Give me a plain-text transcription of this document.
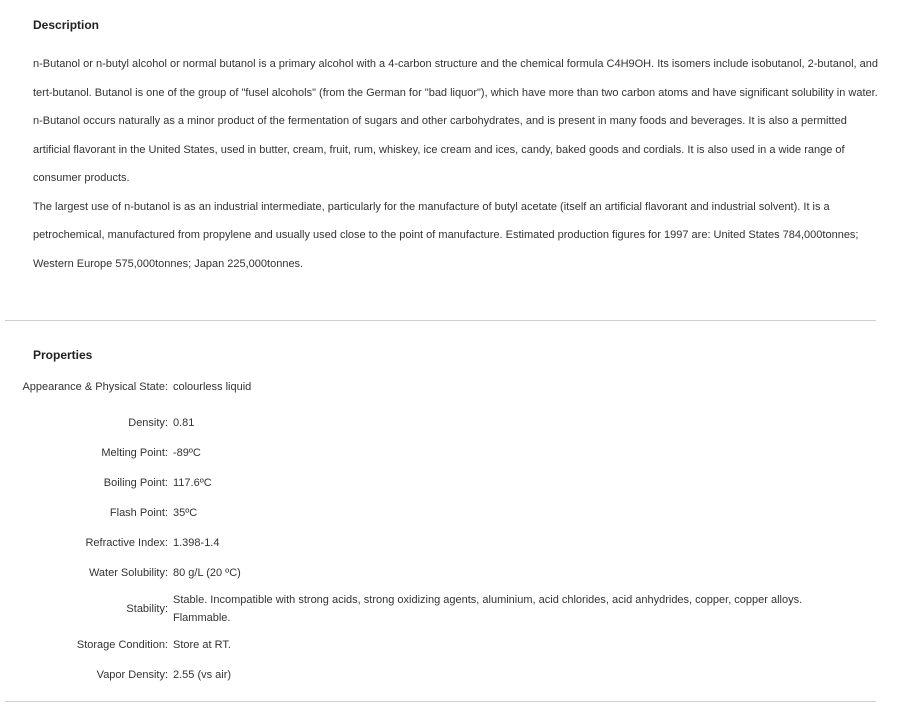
Description

n-Butanol or n-butyl alcohol or normal butanol is a primary alcohol with a 4-carbon structure and the chemical formula C4H9OH. Its isomers include isobutanol, 2-butanol, and tert-butanol. Butanol is one of the group of "fusel alcohols" (from the German for "bad liquor"), which have more than two carbon atoms and have significant solubility in water.

n-Butanol occurs naturally as a minor product of the fermentation of sugars and other carbohydrates, and is present in many foods and beverages. It is also a permitted artificial flavorant in the United States, used in butter, cream, fruit, rum, whiskey, ice cream and ices, candy, baked goods and cordials. It is also used in a wide range of consumer products.

The largest use of n-butanol is as an industrial intermediate, particularly for the manufacture of butyl acetate (itself an artificial flavorant and industrial solvent). It is a petrochemical, manufactured from propylene and usually used close to the point of manufacture. Estimated production figures for 1997 are: United States 784,000tonnes; Western Europe 575,000tonnes; Japan 225,000tonnes.

Properties
Appearance & Physical State:	colourless liquid
Density:	0.81
Melting Point:	-89ºC
Boiling Point:	117.6ºC
Flash Point:	35ºC
Refractive Index:	1.398-1.4
Water Solubility:	80 g/L (20 ºC)
Stability:	Stable. Incompatible with strong acids, strong oxidizing agents, aluminium, acid chlorides, acid anhydrides, copper, copper alloys. Flammable.
Storage Condition:	Store at RT.
Vapor Density:	2.55 (vs air)
